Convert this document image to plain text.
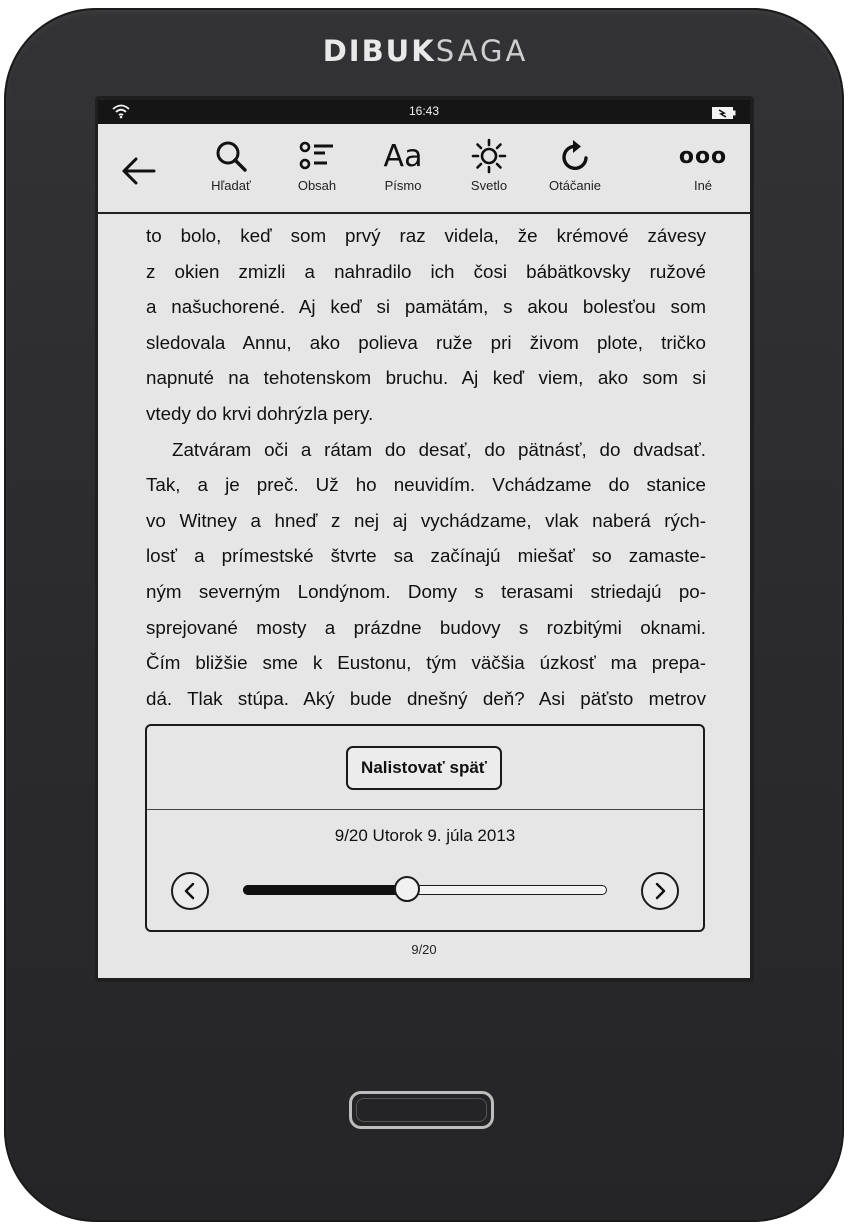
DIBUKSAGA
16:43
Hľadať	Obsah
Aa
Písmo	Svetlo	Otáčanie
ooo
Iné

to bolo, keď som prvý raz videla, že krémové závesy

z okien zmizli a nahradilo ich čosi bábätkovsky ružové

a našuchorené. Aj keď si pamätám, s akou bolesťou som

sledovala Annu, ako polieva ruže pri živom plote, tričko

napnuté na tehotenskom bruchu. Aj keď viem, ako som si

vtedy do krvi dohrýzla pery.

Zatváram oči a rátam do desať, do pätnásť, do dvadsať.

Tak, a je preč. Už ho neuvidím. Vchádzame do stanice

vo Witney a hneď z nej aj vychádzame, vlak naberá rých-

losť a prímestské štvrte sa začínajú miešať so zamaste-

ným severným Londýnom. Domy s terasami striedajú po-

sprejované mosty a prázdne budovy s rozbitými oknami.

Čím bližšie sme k Eustonu, tým väčšia úzkosť ma prepa-

dá. Tlak stúpa. Aký bude dnešný deň? Asi päťsto metrov

Nalistovať späť
9/20 Utorok 9. júla 2013
9/20
